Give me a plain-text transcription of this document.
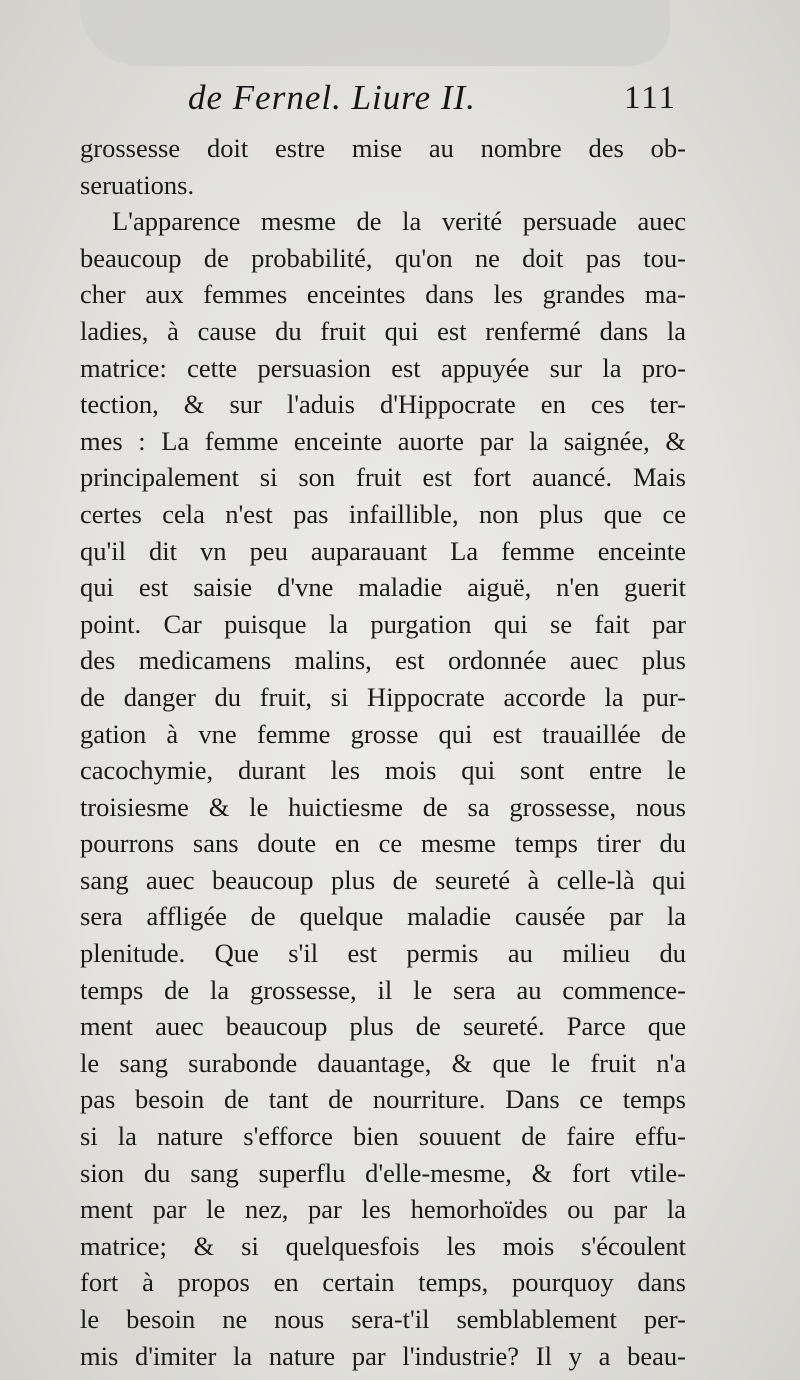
de Fernel. Liure II.	111
grossesse doit estre mise au nombre des ob-
seruations.
L'apparence mesme de la verité persuade auec
beaucoup de probabilité, qu'on ne doit pas tou-
cher aux femmes enceintes dans les grandes ma-
ladies, à cause du fruit qui est renfermé dans la
matrice: cette persuasion est appuyée sur la pro-
tection, & sur l'aduis d'Hippocrate en ces ter-
mes : La femme enceinte auorte par la saignée, &
principalement si son fruit est fort auancé. Mais
certes cela n'est pas infaillible, non plus que ce
qu'il dit vn peu auparauant La femme enceinte
qui est saisie d'vne maladie aiguë, n'en guerit
point. Car puisque la purgation qui se fait par
des medicamens malins, est ordonnée auec plus
de danger du fruit, si Hippocrate accorde la pur-
gation à vne femme grosse qui est trauaillée de
cacochymie, durant les mois qui sont entre le
troisiesme & le huictiesme de sa grossesse, nous
pourrons sans doute en ce mesme temps tirer du
sang auec beaucoup plus de seureté à celle-là qui
sera affligée de quelque maladie causée par la
plenitude. Que s'il est permis au milieu du
temps de la grossesse, il le sera au commence-
ment auec beaucoup plus de seureté. Parce que
le sang surabonde dauantage, & que le fruit n'a
pas besoin de tant de nourriture. Dans ce temps
si la nature s'efforce bien souuent de faire effu-
sion du sang superflu d'elle-mesme, & fort vtile-
ment par le nez, par les hemorhoïdes ou par la
matrice; & si quelquesfois les mois s'écoulent
fort à propos en certain temps, pourquoy dans
le besoin ne nous sera-t'il semblablement per-
mis d'imiter la nature par l'industrie? Il y a beau-
